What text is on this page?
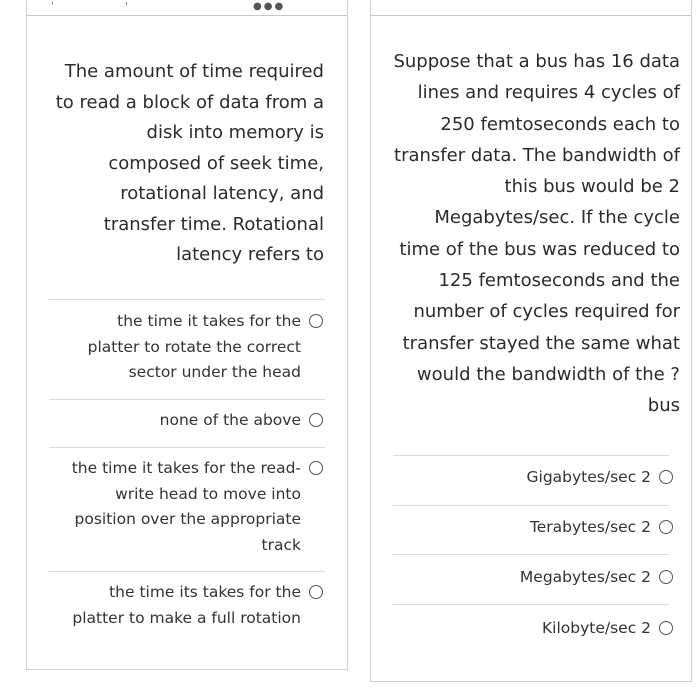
'	'	●●●
The amount of time required to read a block of data from a disk into memory is composed of seek time, rotational latency, and transfer time. Rotational latency refers to
the time it takes for the platter to rotate the correct sector under the head
none of the above
the time it takes for the read-write head to move into position over the appropriate track
the time its takes for the platter to make a full rotation
Suppose that a bus has 16 data lines and requires 4 cycles of 250 femtoseconds each to transfer data. The bandwidth of this bus would be 2 Megabytes/sec. If the cycle time of the bus was reduced to 125 femtoseconds and the number of cycles required for transfer stayed the same what would the bandwidth of the ?bus
Gigabytes/sec 2
Terabytes/sec 2
Megabytes/sec 2
Kilobyte/sec 2
